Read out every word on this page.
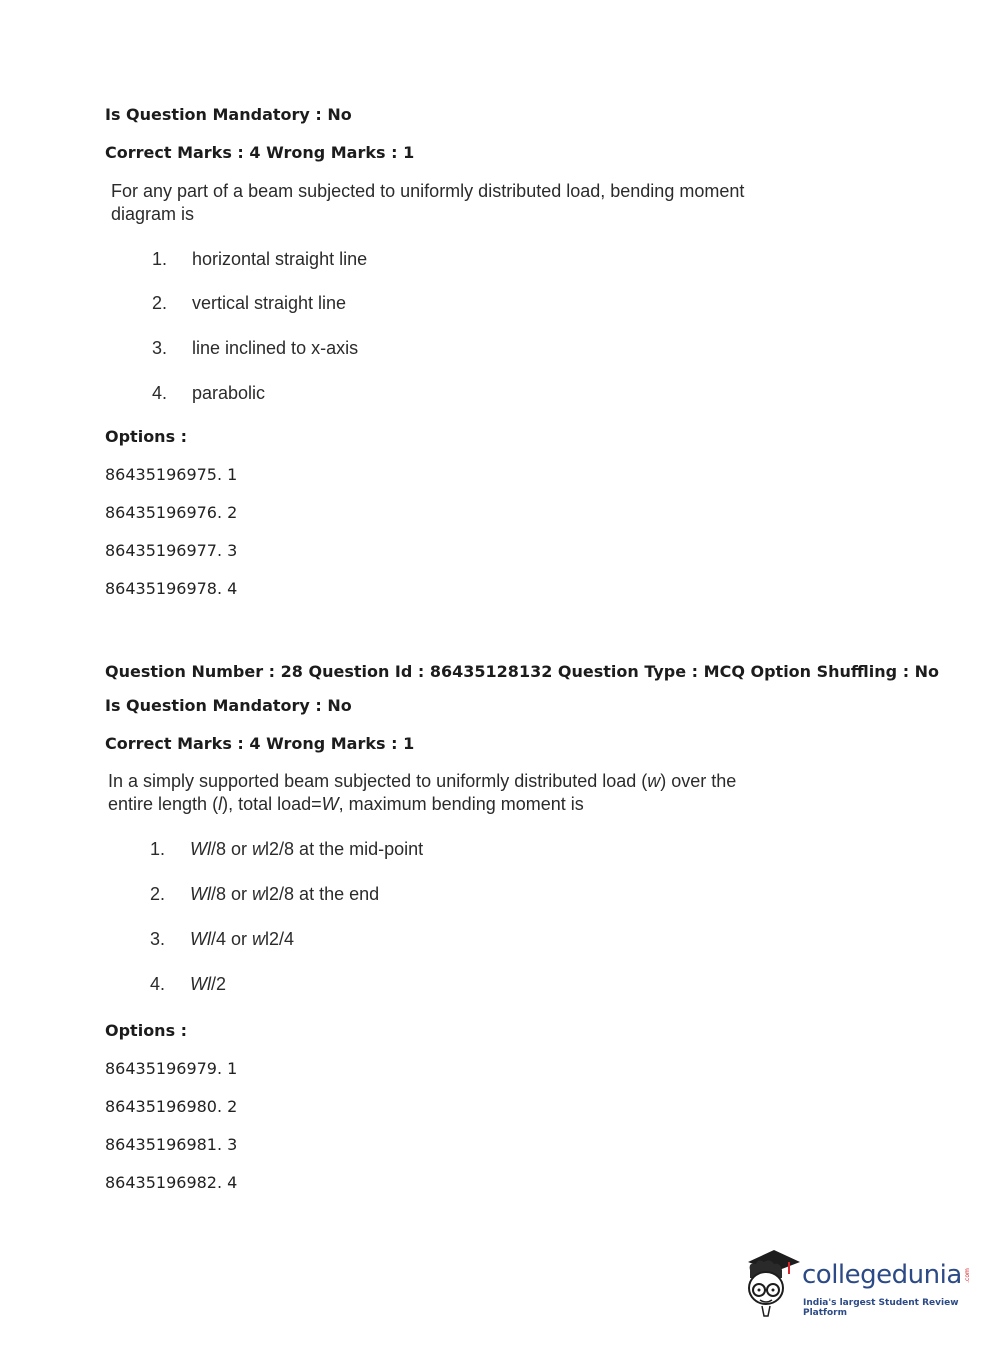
Is Question Mandatory : No
Correct Marks : 4 Wrong Marks : 1
For any part of a beam subjected to uniformly distributed load, bending moment
diagram is
1. horizontal straight line
2. vertical straight line
3. line inclined to x-axis
4. parabolic
Options :
86435196975. 1
86435196976. 2
86435196977. 3
86435196978. 4
Question Number : 28 Question Id : 86435128132 Question Type : MCQ Option Shuffling : No
Is Question Mandatory : No
Correct Marks : 4 Wrong Marks : 1
In a simply supported beam subjected to uniformly distributed load (w) over the
entire length (l), total load=W, maximum bending moment is
1. Wl/8 or wl2/8 at the mid-point
2. Wl/8 or wl2/8 at the end
3. Wl/4 or wl2/4
4. Wl/2
Options :
86435196979. 1
86435196980. 2
86435196981. 3
86435196982. 4
collegedunia .com
India's largest Student Review Platform
